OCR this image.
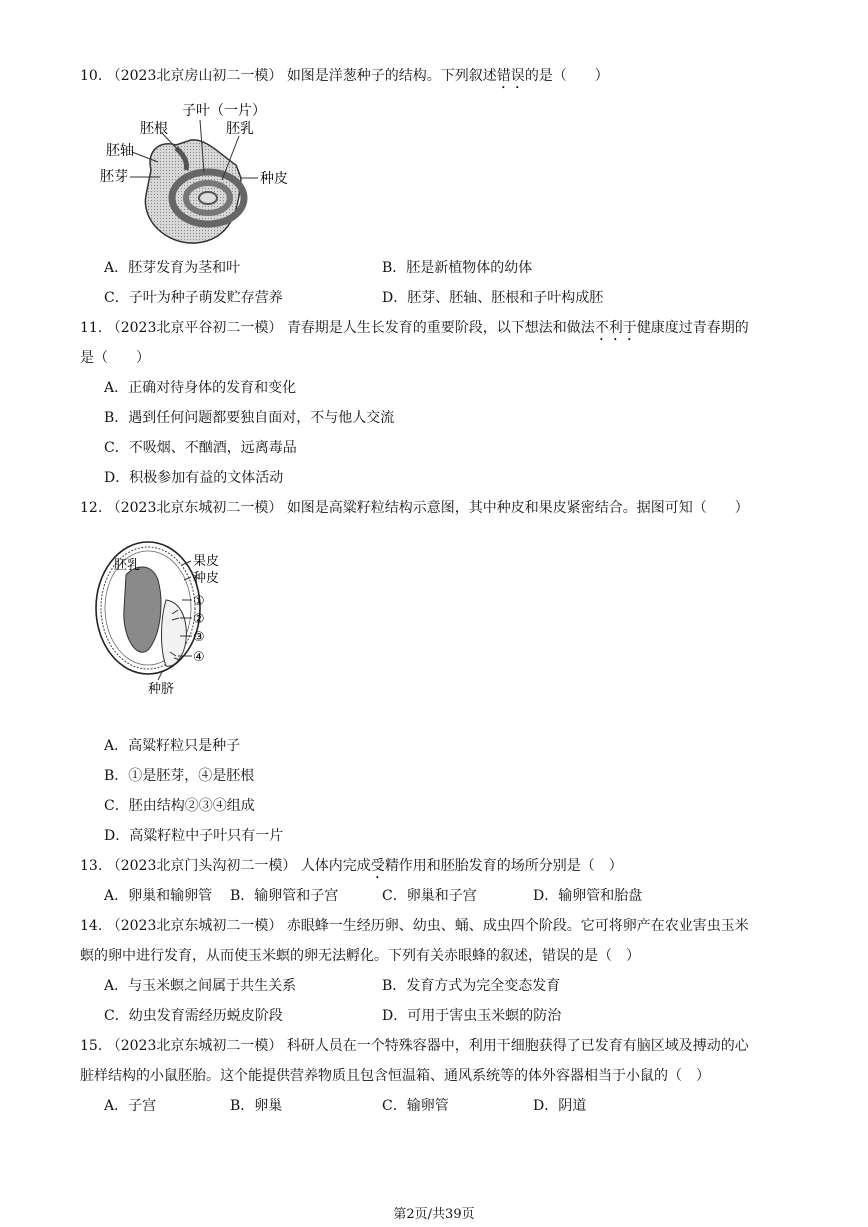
10. （2023北京房山初二一模） 如图是洋葱种子的结构。下列叙述错误的是（　　）
子叶（一片）
胚根	胚乳
胚轴
胚芽	种皮
A．胚芽发育为茎和叶	B．胚是新植物体的幼体
C．子叶为种子萌发贮存营养	D．胚芽、胚轴、胚根和子叶构成胚
11. （2023北京平谷初二一模） 青春期是人生长发育的重要阶段，以下想法和做法不利于健康度过青春期的
是（　　）
A．正确对待身体的发育和变化
B．遇到任何问题都要独自面对，不与他人交流
C．不吸烟、不酗酒，远离毒品
D．积极参加有益的文体活动
12. （2023北京东城初二一模） 如图是高粱籽粒结构示意图，其中种皮和果皮紧密结合。据图可知（　　）
胚乳	果皮
种皮
①
②
③
④
种脐
A．高粱籽粒只是种子
B．①是胚芽，④是胚根
C．胚由结构②③④组成
D．高粱籽粒中子叶只有一片
13. （2023北京门头沟初二一模） 人体内完成受精作用和胚胎发育的场所分别是（　）
A．卵巢和输卵管 B．输卵管和子宫	C．卵巢和子宫	D．输卵管和胎盘
14. （2023北京东城初二一模） 赤眼蜂一生经历卵、幼虫、蛹、成虫四个阶段。它可将卵产在农业害虫玉米
螟的卵中进行发育，从而使玉米螟的卵无法孵化。下列有关赤眼蜂的叙述，错误的是（　）
A．与玉米螟之间属于共生关系	B．发育方式为完全变态发育
C．幼虫发育需经历蜕皮阶段	D．可用于害虫玉米螟的防治
15. （2023北京东城初二一模） 科研人员在一个特殊容器中，利用干细胞获得了已发育有脑区域及搏动的心
脏样结构的小鼠胚胎。这个能提供营养物质且包含恒温箱、通风系统等的体外容器相当于小鼠的（　）
A．子宫	B．卵巢	C．输卵管	D．阴道
第2页/共39页
